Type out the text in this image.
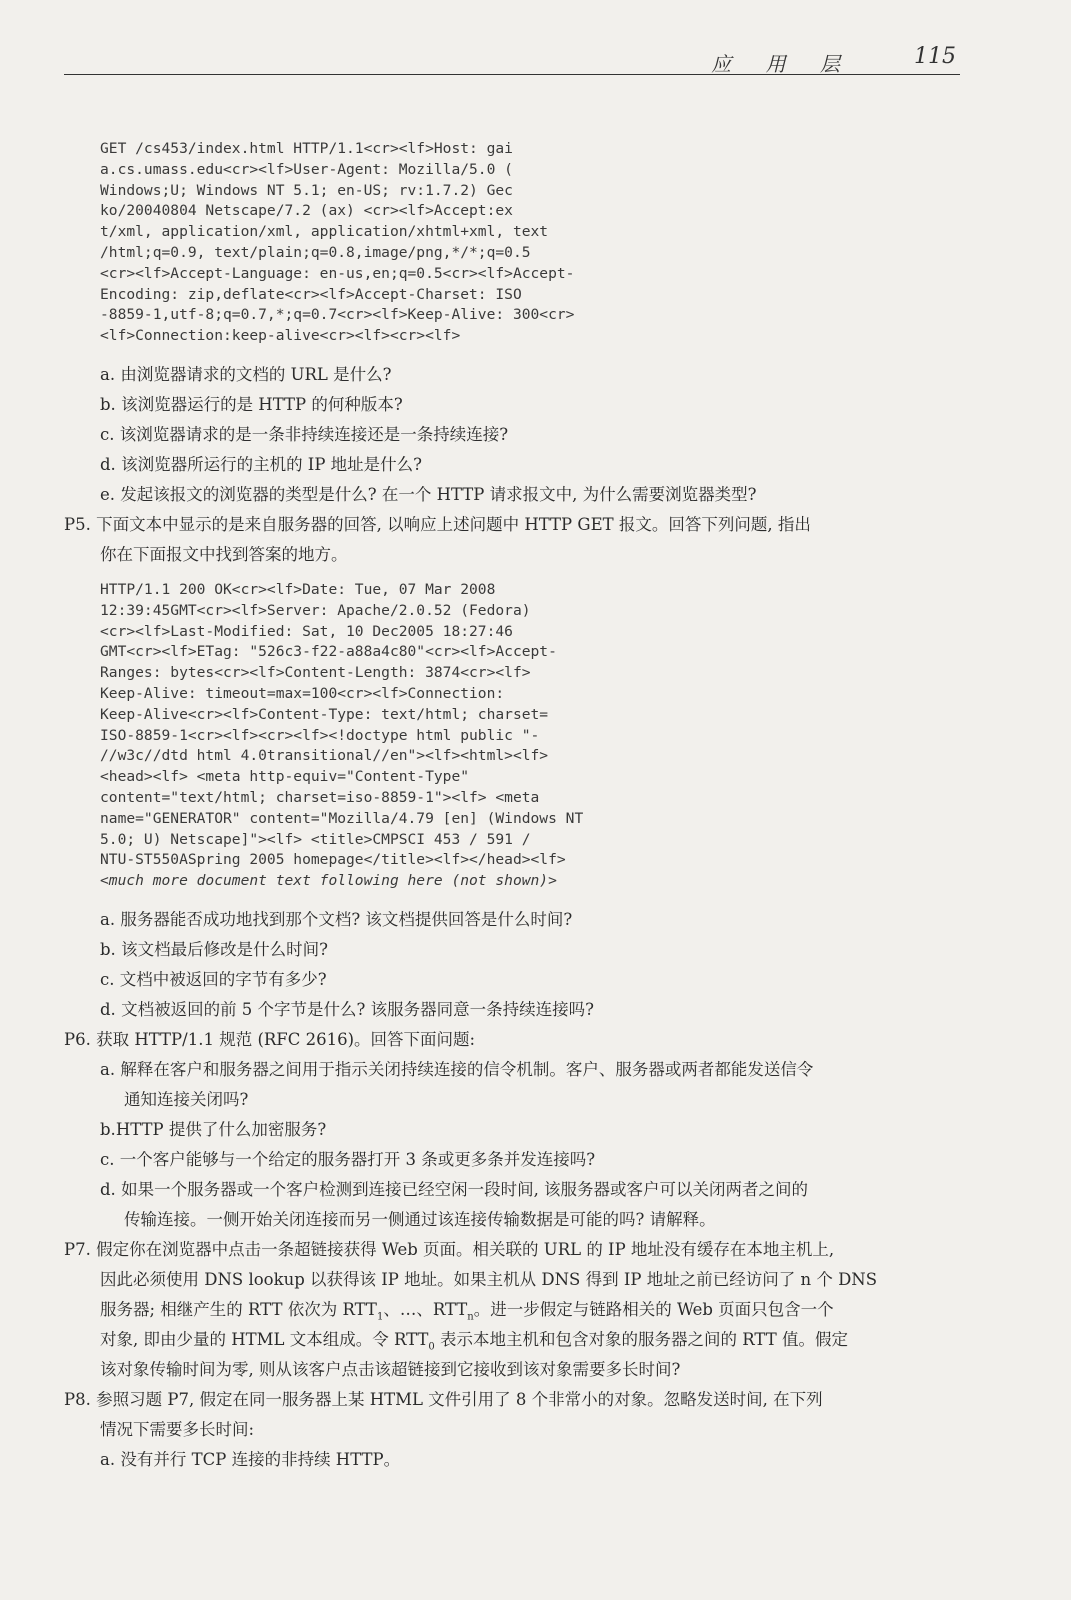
应 用 层	115
GET /cs453/index.html HTTP/1.1<cr><lf>Host: gai
a.cs.umass.edu<cr><lf>User-Agent: Mozilla/5.0 (
Windows;U; Windows NT 5.1; en-US; rv:1.7.2) Gec
ko/20040804 Netscape/7.2 (ax) <cr><lf>Accept:ex
t/xml, application/xml, application/xhtml+xml, text
/html;q=0.9, text/plain;q=0.8,image/png,*/*;q=0.5
<cr><lf>Accept-Language: en-us,en;q=0.5<cr><lf>Accept-
Encoding: zip,deflate<cr><lf>Accept-Charset: ISO
-8859-1,utf-8;q=0.7,*;q=0.7<cr><lf>Keep-Alive: 300<cr>
<lf>Connection:keep-alive<cr><lf><cr><lf>
a. 由浏览器请求的文档的 URL 是什么?
b. 该浏览器运行的是 HTTP 的何种版本?
c. 该浏览器请求的是一条非持续连接还是一条持续连接?
d. 该浏览器所运行的主机的 IP 地址是什么?
e. 发起该报文的浏览器的类型是什么? 在一个 HTTP 请求报文中, 为什么需要浏览器类型?
P5. 下面文本中显示的是来自服务器的回答, 以响应上述问题中 HTTP GET 报文。回答下列问题, 指出
你在下面报文中找到答案的地方。
HTTP/1.1 200 OK<cr><lf>Date: Tue, 07 Mar 2008
12:39:45GMT<cr><lf>Server: Apache/2.0.52 (Fedora)
<cr><lf>Last-Modified: Sat, 10 Dec2005 18:27:46
GMT<cr><lf>ETag: "526c3-f22-a88a4c80"<cr><lf>Accept-
Ranges: bytes<cr><lf>Content-Length: 3874<cr><lf>
Keep-Alive: timeout=max=100<cr><lf>Connection:
Keep-Alive<cr><lf>Content-Type: text/html; charset=
ISO-8859-1<cr><lf><cr><lf><!doctype html public "-
//w3c//dtd html 4.0transitional//en"><lf><html><lf>
<head><lf> <meta http-equiv="Content-Type"
content="text/html; charset=iso-8859-1"><lf> <meta
name="GENERATOR" content="Mozilla/4.79 [en] (Windows NT
5.0; U) Netscape]"><lf> <title>CMPSCI 453 / 591 /
NTU-ST550ASpring 2005 homepage</title><lf></head><lf>
<much more document text following here (not shown)>
a. 服务器能否成功地找到那个文档? 该文档提供回答是什么时间?
b. 该文档最后修改是什么时间?
c. 文档中被返回的字节有多少?
d. 文档被返回的前 5 个字节是什么? 该服务器同意一条持续连接吗?
P6. 获取 HTTP/1.1 规范 (RFC 2616)。回答下面问题:
a. 解释在客户和服务器之间用于指示关闭持续连接的信令机制。客户、服务器或两者都能发送信令
通知连接关闭吗?
b.HTTP 提供了什么加密服务?
c. 一个客户能够与一个给定的服务器打开 3 条或更多条并发连接吗?
d. 如果一个服务器或一个客户检测到连接已经空闲一段时间, 该服务器或客户可以关闭两者之间的
传输连接。一侧开始关闭连接而另一侧通过该连接传输数据是可能的吗? 请解释。
P7. 假定你在浏览器中点击一条超链接获得 Web 页面。相关联的 URL 的 IP 地址没有缓存在本地主机上,
因此必须使用 DNS lookup 以获得该 IP 地址。如果主机从 DNS 得到 IP 地址之前已经访问了 n 个 DNS
服务器; 相继产生的 RTT 依次为 $RTT_1$、…、$RTT_n$。进一步假定与链路相关的 Web 页面只包含一个
对象, 即由少量的 HTML 文本组成。令 $RTT_0$ 表示本地主机和包含对象的服务器之间的 RTT 值。假定
该对象传输时间为零, 则从该客户点击该超链接到它接收到该对象需要多长时间?
P8. 参照习题 P7, 假定在同一服务器上某 HTML 文件引用了 8 个非常小的对象。忽略发送时间, 在下列
情况下需要多长时间:
a. 没有并行 TCP 连接的非持续 HTTP。
